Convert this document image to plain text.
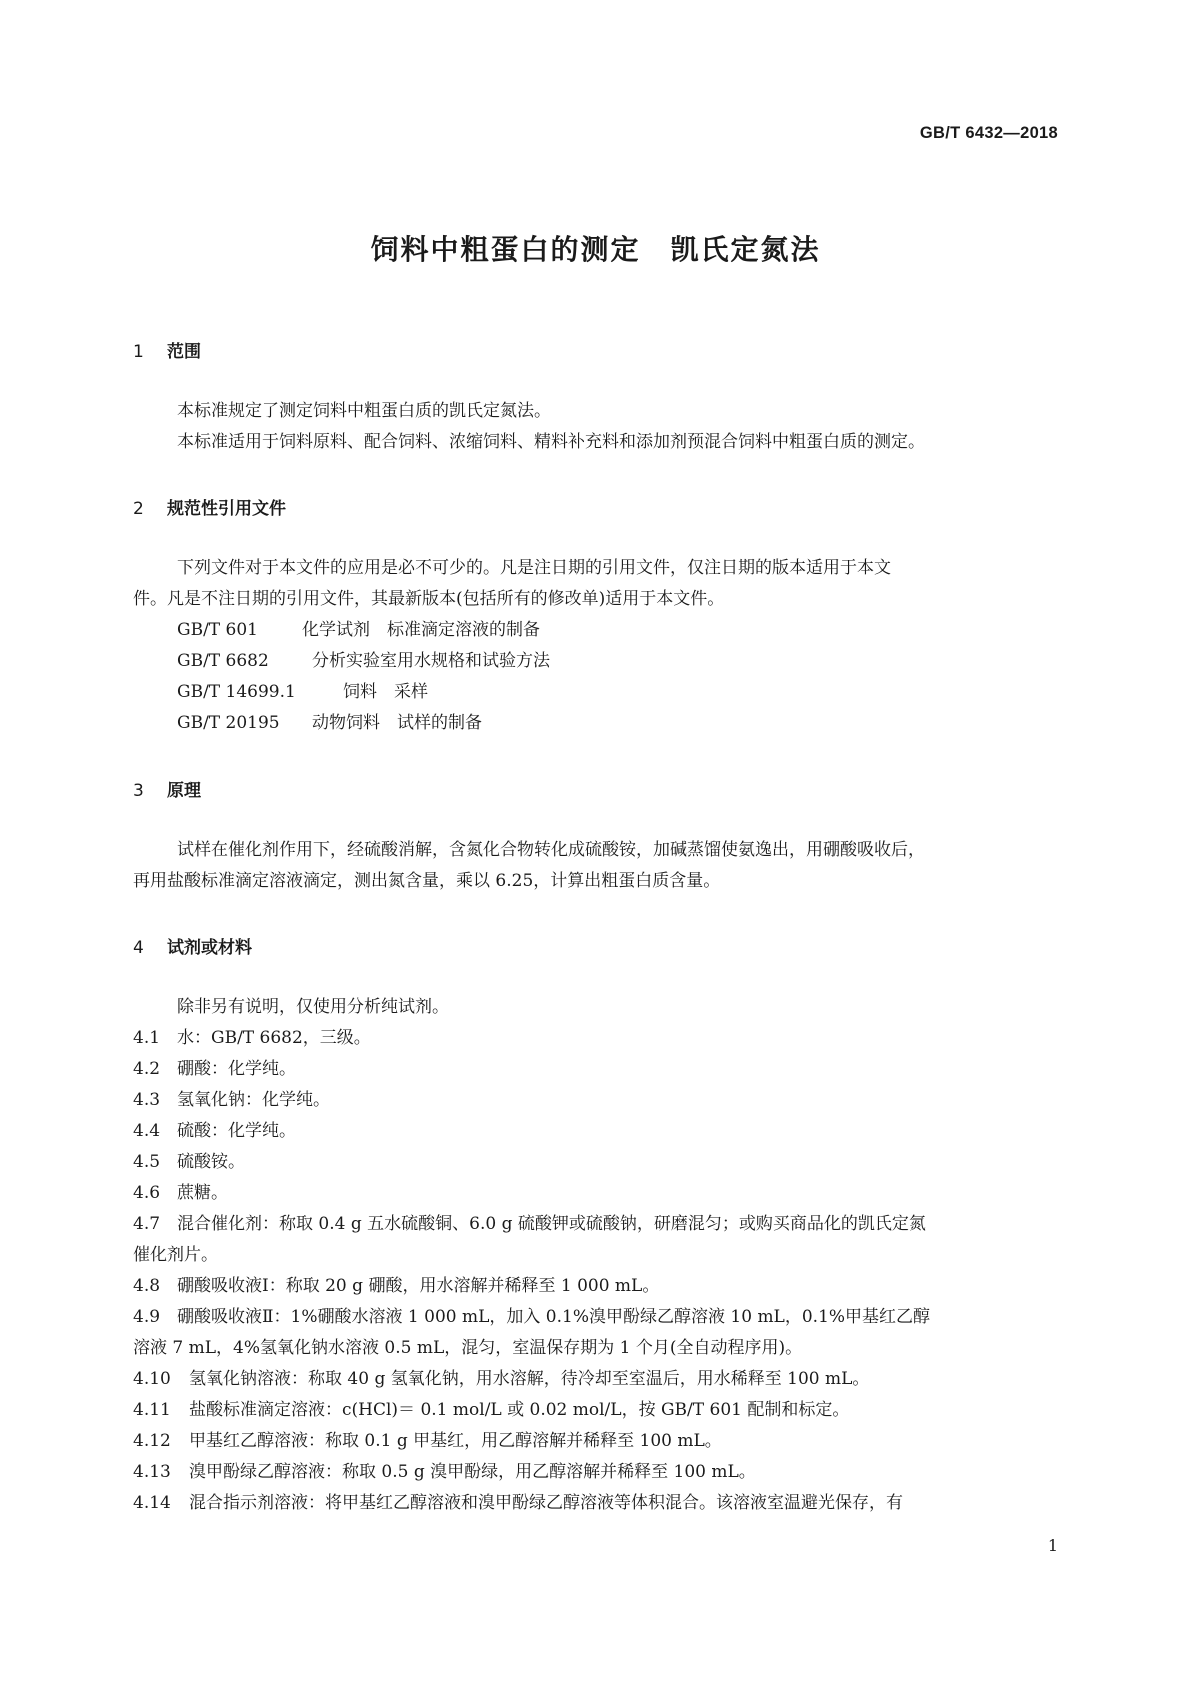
GB/T 6432—2018

饲料中粗蛋白的测定　凯氏定氮法

1 范围

本标准规定了测定饲料中粗蛋白质的凯氏定氮法。

本标准适用于饲料原料、配合饲料、浓缩饲料、精料补充料和添加剂预混合饲料中粗蛋白质的测定。

2 规范性引用文件

下列文件对于本文件的应用是必不可少的。凡是注日期的引用文件，仅注日期的版本适用于本文

件。凡是不注日期的引用文件，其最新版本(包括所有的修改单)适用于本文件。

GB/T 601	化学试剂　标准滴定溶液的制备

GB/T 6682	分析实验室用水规格和试验方法

GB/T 14699.1	饲料　采样

GB/T 20195 动物饲料　试样的制备

3 原理

试样在催化剂作用下，经硫酸消解，含氮化合物转化成硫酸铵，加碱蒸馏使氨逸出，用硼酸吸收后，

再用盐酸标准滴定溶液滴定，测出氮含量，乘以 6.25，计算出粗蛋白质含量。

4 试剂或材料

除非另有说明，仅使用分析纯试剂。

4.1 水：GB/T 6682，三级。

4.2 硼酸：化学纯。

4.3 氢氧化钠：化学纯。

4.4 硫酸：化学纯。

4.5 硫酸铵。

4.6 蔗糖。

4.7 混合催化剂：称取 0.4 g 五水硫酸铜、6.0 g 硫酸钾或硫酸钠，研磨混匀；或购买商品化的凯氏定氮

催化剂片。

4.8 硼酸吸收液Ⅰ：称取 20 g 硼酸，用水溶解并稀释至 1 000 mL。

4.9 硼酸吸收液Ⅱ：1%硼酸水溶液 1 000 mL，加入 0.1%溴甲酚绿乙醇溶液 10 mL，0.1%甲基红乙醇

溶液 7 mL，4%氢氧化钠水溶液 0.5 mL，混匀，室温保存期为 1 个月(全自动程序用)。

4.10 氢氧化钠溶液：称取 40 g 氢氧化钠，用水溶解，待冷却至室温后，用水稀释至 100 mL。

4.11 盐酸标准滴定溶液：c(HCl)＝ 0.1 mol/L 或 0.02 mol/L，按 GB/T 601 配制和标定。

4.12 甲基红乙醇溶液：称取 0.1 g 甲基红，用乙醇溶解并稀释至 100 mL。

4.13 溴甲酚绿乙醇溶液：称取 0.5 g 溴甲酚绿，用乙醇溶解并稀释至 100 mL。

4.14 混合指示剂溶液：将甲基红乙醇溶液和溴甲酚绿乙醇溶液等体积混合。该溶液室温避光保存，有

1
